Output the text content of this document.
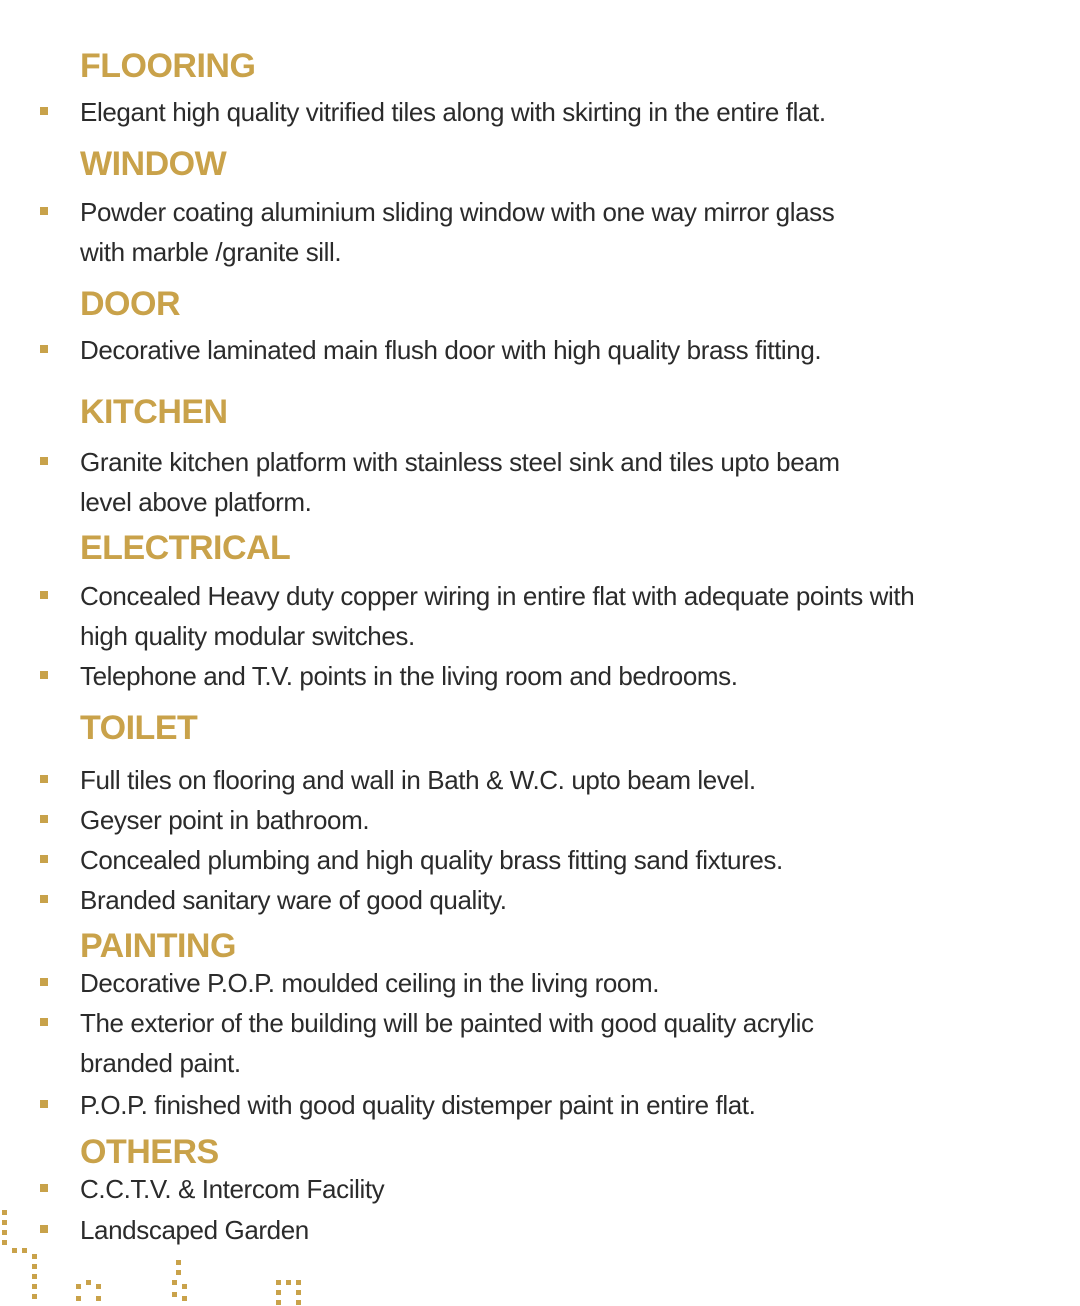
FLOORING

Elegant high quality vitrified tiles along with skirting in the entire flat.

WINDOW

Powder coating aluminium sliding window with one way mirror glass

with marble /granite sill.

DOOR

Decorative laminated main flush door with high quality brass fitting.

KITCHEN

Granite kitchen platform with stainless steel sink and tiles upto beam

level above platform.

ELECTRICAL

Concealed Heavy duty copper wiring in entire flat with adequate points with

high quality modular switches.

Telephone and T.V. points in the living room and bedrooms.

TOILET

Full tiles on flooring and wall in Bath & W.C. upto beam level.

Geyser point in bathroom.

Concealed plumbing and high quality brass fitting sand fixtures.

Branded sanitary ware of good quality.

PAINTING

Decorative P.O.P. moulded ceiling in the living room.

The exterior of the building will be painted with good quality acrylic

branded paint.

P.O.P. finished with good quality distemper paint in entire flat.

OTHERS

C.C.T.V. & Intercom Facility

Landscaped Garden
